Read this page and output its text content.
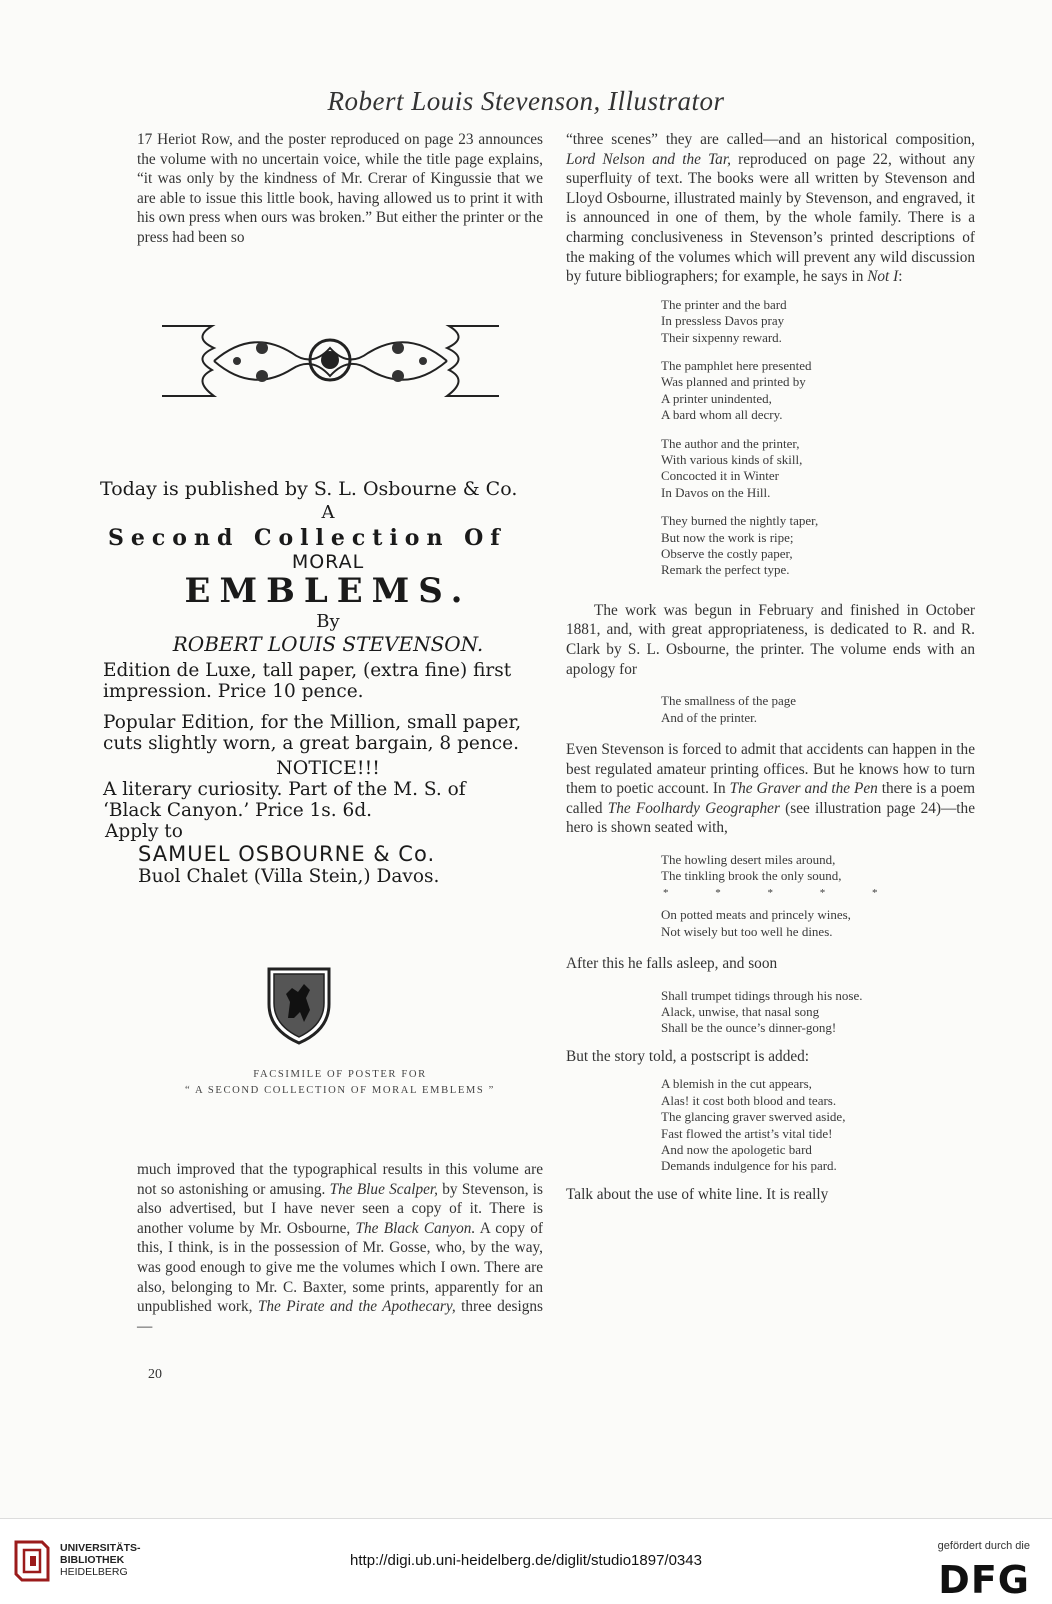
Robert Louis Stevenson, Illustrator

17 Heriot Row, and the poster reproduced on page 23 announces the volume with no uncertain voice, while the title page explains, “it was only by the kindness of Mr. Crerar of Kingussie that we are able to issue this little book, having allowed us to print it with his own press when ours was broken.” But either the printer or the press had been so

Today is published by S. L. Osbourne & Co.
A
Second Collection Of
MORAL
EMBLEMS.
By
ROBERT LOUIS STEVENSON.
Edition de Luxe, tall paper, (extra fine) first
impression. Price 10 pence.
Popular Edition, for the Million, small paper,
cuts slightly worn, a great bargain, 8 pence.
NOTICE!!!
A literary curiosity. Part of the M. S. of
‘Black Canyon.’ Price 1s. 6d.
Apply to
SAMUEL OSBOURNE & Co.
Buol Chalet (Villa Stein,) Davos.
FACSIMILE OF POSTER FOR
“ A SECOND COLLECTION OF MORAL EMBLEMS ”

much improved that the typographical results in this volume are not so astonishing or amusing. The Blue Scalper, by Stevenson, is also advertised, but I have never seen a copy of it. There is another volume by Mr. Osbourne, The Black Canyon. A copy of this, I think, is in the possession of Mr. Gosse, who, by the way, was good enough to give me the volumes which I own. There are also, belonging to Mr. C. Baxter, some prints, apparently for an unpublished work, The Pirate and the Apothecary, three designs—

20

“three scenes” they are called—and an historical composition, Lord Nelson and the Tar, reproduced on page 22, without any superfluity of text. The books were all written by Stevenson and Lloyd Osbourne, illustrated mainly by Stevenson, and engraved, it is announced in one of them, by the whole family. There is a charming conclusiveness in Stevenson’s printed descriptions of the making of the volumes which will prevent any wild discussion by future bibliographers; for example, he says in Not I:

The printer and the bard
In pressless Davos pray
Their sixpenny reward.
The pamphlet here presented
Was planned and printed by
A printer unindented,
A bard whom all decry.
The author and the printer,
With various kinds of skill,
Concocted it in Winter
In Davos on the Hill.
They burned the nightly taper,
But now the work is ripe;
Observe the costly paper,
Remark the perfect type.

The work was begun in February and finished in October 1881, and, with great appropriateness, is dedicated to R. and R. Clark by S. L. Osbourne, the printer. The volume ends with an apology for

The smallness of the page
And of the printer.

Even Stevenson is forced to admit that accidents can happen in the best regulated amateur printing offices. But he knows how to turn them to poetic account. In The Graver and the Pen there is a poem called The Foolhardy Geographer (see illustration page 24)—the hero is shown seated with,

The howling desert miles around,
The tinkling brook the only sound,
* * * * *
On potted meats and princely wines,
Not wisely but too well he dines.

After this he falls asleep, and soon

Shall trumpet tidings through his nose.
Alack, unwise, that nasal song
Shall be the ounce’s dinner-gong!

But the story told, a postscript is added:

A blemish in the cut appears,
Alas! it cost both blood and tears.
The glancing graver swerved aside,
Fast flowed the artist’s vital tide!
And now the apologetic bard
Demands indulgence for his pard.

Talk about the use of white line. It is really

UNIVERSITÄTS-
BIBLIOTHEK
HEIDELBERG
http://digi.ub.uni-heidelberg.de/diglit/studio1897/0343
gefördert durch die
DFG
